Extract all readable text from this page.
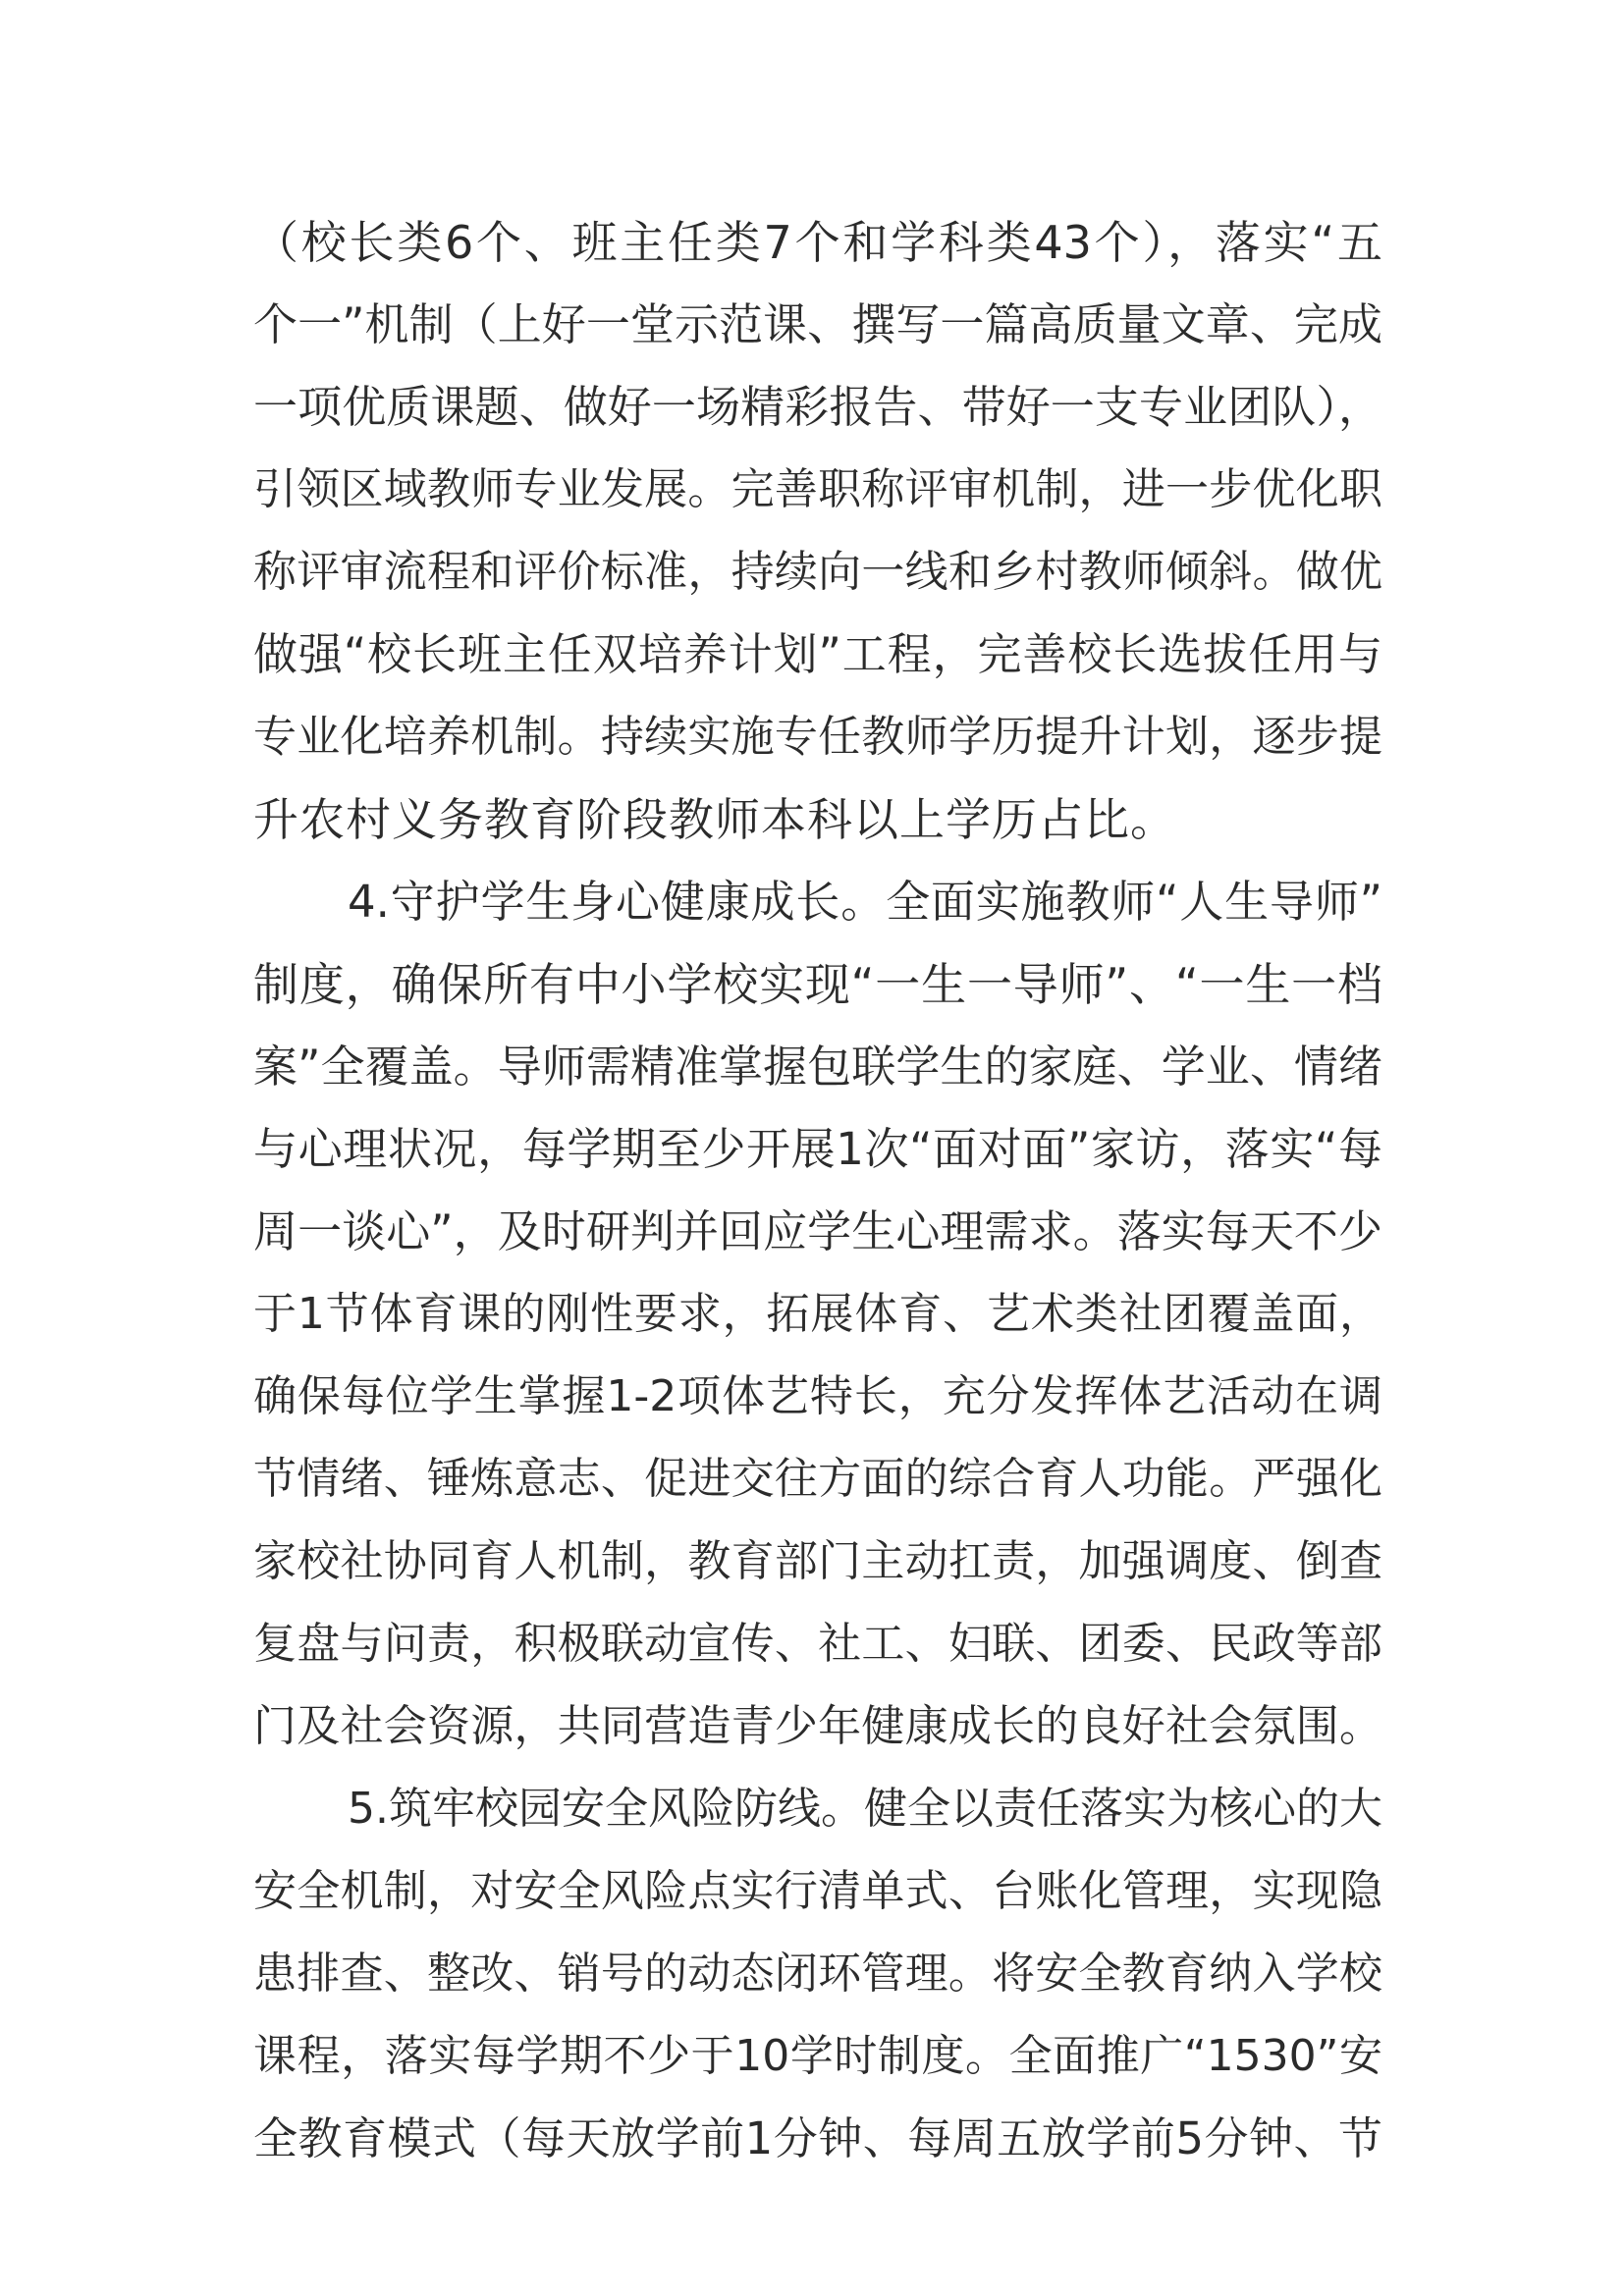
（校长类6个、班主任类7个和学科类43个），落实“五
个一”机制（上好一堂示范课、撰写一篇高质量文章、完成
一项优质课题、做好一场精彩报告、带好一支专业团队），
引领区域教师专业发展。完善职称评审机制，进一步优化职
称评审流程和评价标准，持续向一线和乡村教师倾斜。做优
做强“校长班主任双培养计划”工程，完善校长选拔任用与
专业化培养机制。持续实施专任教师学历提升计划，逐步提
升农村义务教育阶段教师本科以上学历占比。
4.守护学生身心健康成长。全面实施教师“人生导师”
制度，确保所有中小学校实现“一生一导师”、“一生一档
案”全覆盖。导师需精准掌握包联学生的家庭、学业、情绪
与心理状况，每学期至少开展1次“面对面”家访，落实“每
周一谈心”，及时研判并回应学生心理需求。落实每天不少
于1节体育课的刚性要求，拓展体育、艺术类社团覆盖面，
确保每位学生掌握1-2项体艺特长，充分发挥体艺活动在调
节情绪、锤炼意志、促进交往方面的综合育人功能。严强化
家校社协同育人机制，教育部门主动扛责，加强调度、倒查
复盘与问责，积极联动宣传、社工、妇联、团委、民政等部
门及社会资源，共同营造青少年健康成长的良好社会氛围。
5.筑牢校园安全风险防线。健全以责任落实为核心的大
安全机制，对安全风险点实行清单式、台账化管理，实现隐
患排查、整改、销号的动态闭环管理。将安全教育纳入学校
课程，落实每学期不少于10学时制度。全面推广“1530”安
全教育模式（每天放学前1分钟、每周五放学前5分钟、节
